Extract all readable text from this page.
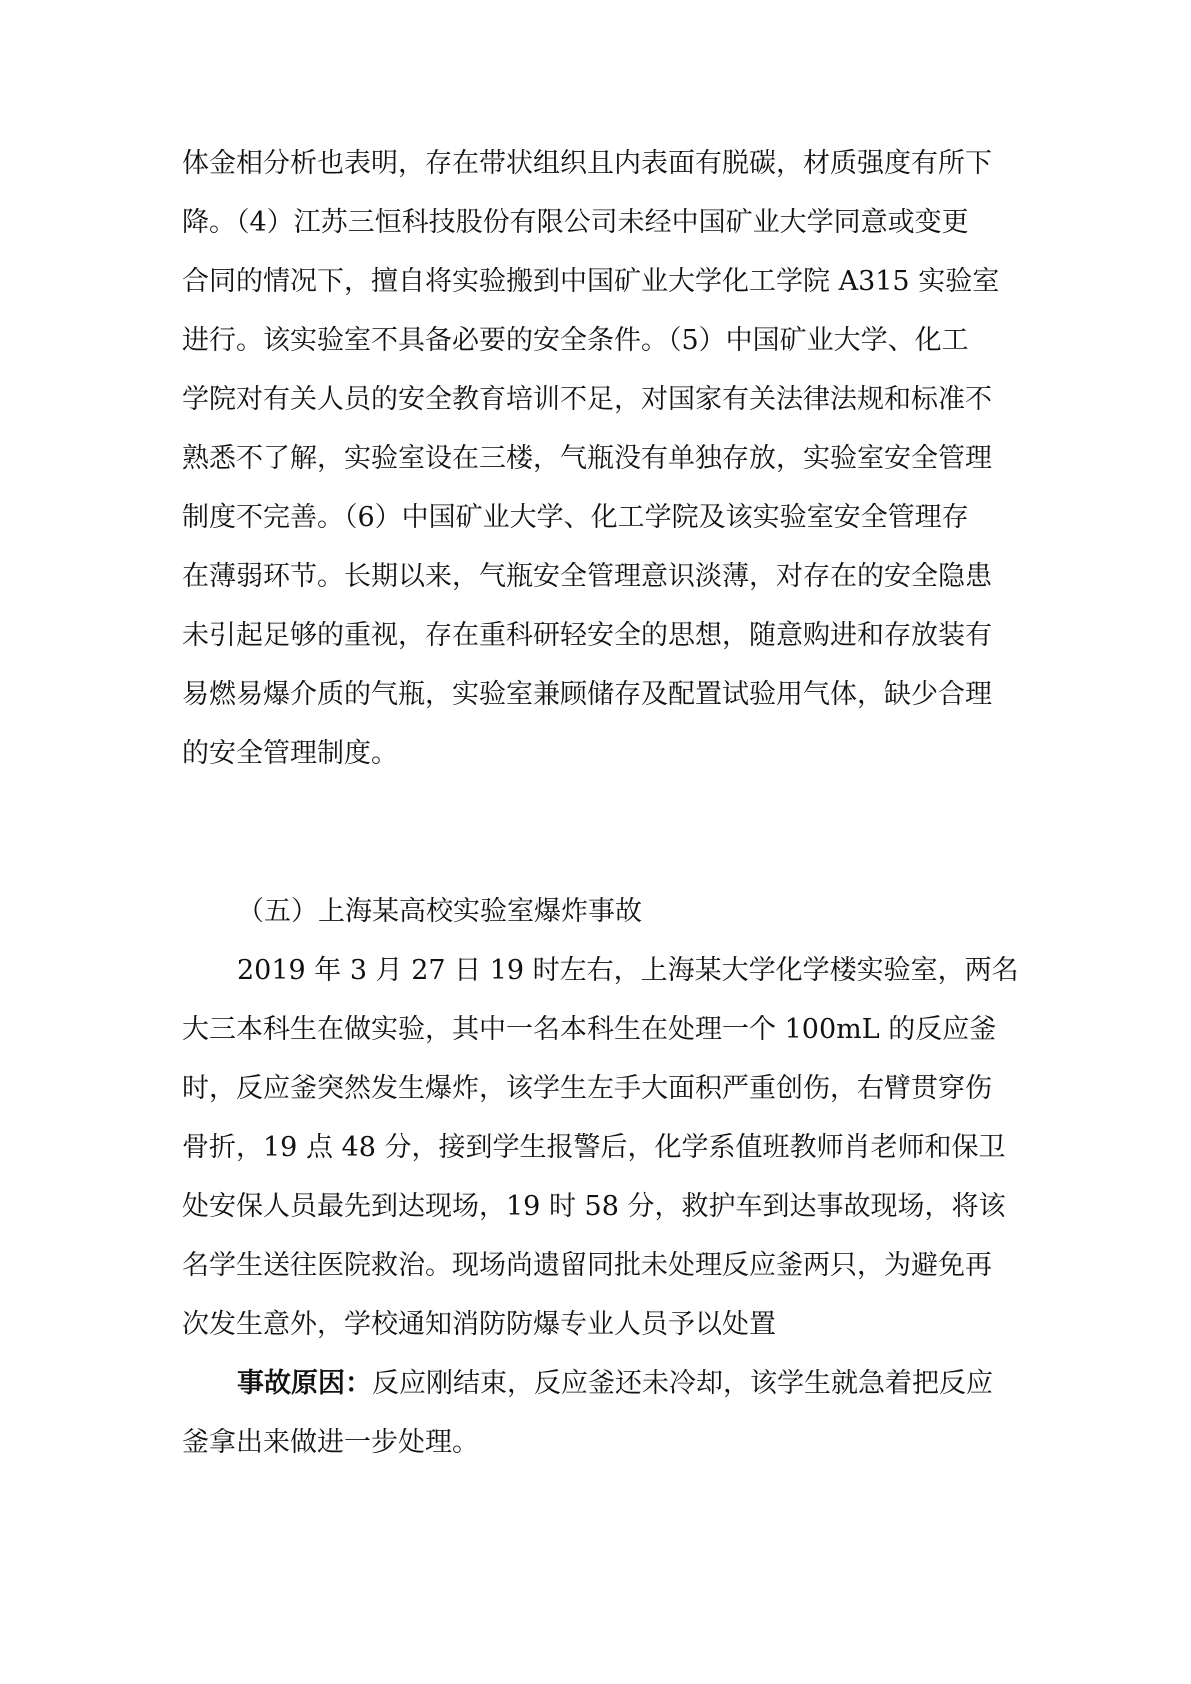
体金相分析也表明，存在带状组织且内表面有脱碳，材质强度有所下
降。（4）江苏三恒科技股份有限公司未经中国矿业大学同意或变更
合同的情况下，擅自将实验搬到中国矿业大学化工学院 A315 实验室
进行。该实验室不具备必要的安全条件。（5）中国矿业大学、化工
学院对有关人员的安全教育培训不足，对国家有关法律法规和标准不
熟悉不了解，实验室设在三楼，气瓶没有单独存放，实验室安全管理
制度不完善。（6）中国矿业大学、化工学院及该实验室安全管理存
在薄弱环节。长期以来，气瓶安全管理意识淡薄，对存在的安全隐患
未引起足够的重视，存在重科研轻安全的思想，随意购进和存放装有
易燃易爆介质的气瓶，实验室兼顾储存及配置试验用气体，缺少合理
的安全管理制度。
（五）上海某高校实验室爆炸事故
2019 年 3 月 27 日 19 时左右，上海某大学化学楼实验室，两名
大三本科生在做实验，其中一名本科生在处理一个 100mL 的反应釜
时，反应釜突然发生爆炸，该学生左手大面积严重创伤，右臂贯穿伤
骨折，19 点 48 分，接到学生报警后，化学系值班教师肖老师和保卫
处安保人员最先到达现场，19 时 58 分，救护车到达事故现场，将该
名学生送往医院救治。现场尚遗留同批未处理反应釜两只，为避免再
次发生意外，学校通知消防防爆专业人员予以处置
事故原因：反应刚结束，反应釜还未冷却，该学生就急着把反应
釜拿出来做进一步处理。
